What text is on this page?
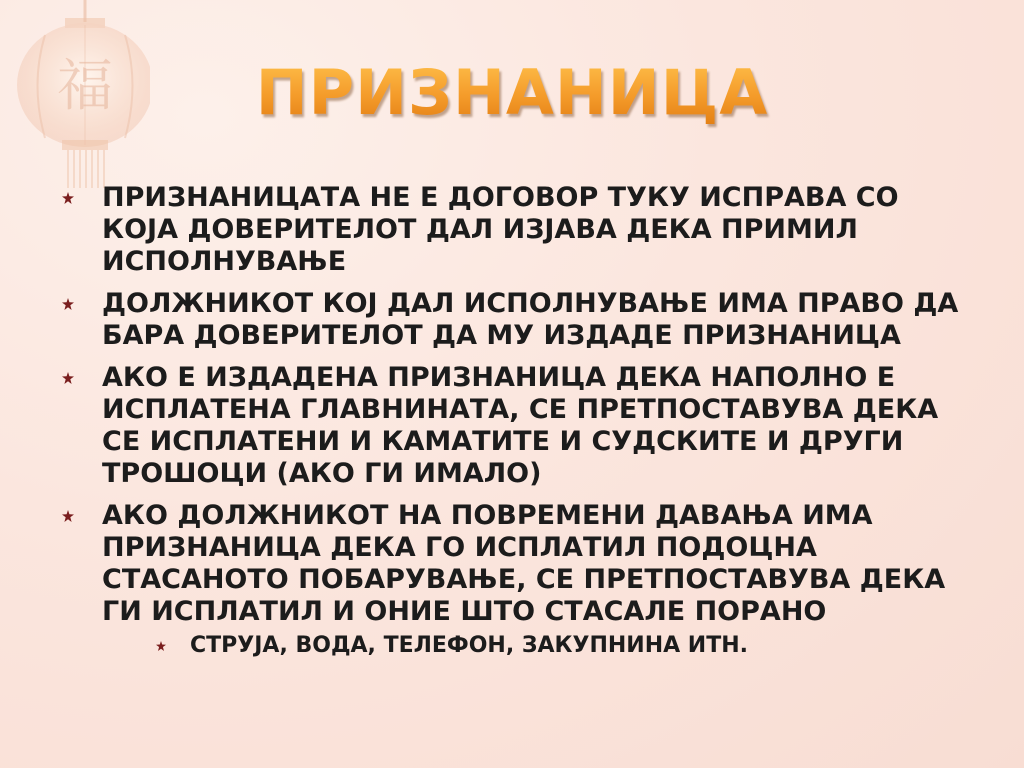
ПРИЗНАНИЦА
ПРИЗНАНИЦАТА НЕ Е ДОГОВОР ТУКУ ИСПРАВА СО КОЈА ДОВЕРИТЕЛОТ ДАЛ ИЗЈАВА ДЕКА ПРИМИЛ ИСПОЛНУВАЊЕ
ДОЛЖНИКОТ КОЈ ДАЛ ИСПОЛНУВАЊЕ ИМА ПРАВО ДА БАРА ДОВЕРИТЕЛОТ ДА МУ ИЗДАДЕ ПРИЗНАНИЦА
АКО Е ИЗДАДЕНА ПРИЗНАНИЦА ДЕКА НАПОЛНО Е ИСПЛАТЕНА ГЛАВНИНАТА, СЕ ПРЕТПОСТАВУВА ДЕКА СЕ ИСПЛАТЕНИ И КАМАТИТЕ И СУДСКИТЕ И ДРУГИ ТРОШОЦИ (АКО ГИ ИМАЛО)
АКО ДОЛЖНИКОТ НА ПОВРЕМЕНИ ДАВАЊА ИМА ПРИЗНАНИЦА ДЕКА ГО ИСПЛАТИЛ ПОДОЦНА СТАСАНОТО ПОБАРУВАЊЕ, СЕ ПРЕТПОСТАВУВА ДЕКА ГИ ИСПЛАТИЛ И ОНИЕ ШТО СТАСАЛЕ ПОРАНО
СТРУЈА, ВОДА, ТЕЛЕФОН, ЗАКУПНИНА ИТН.
